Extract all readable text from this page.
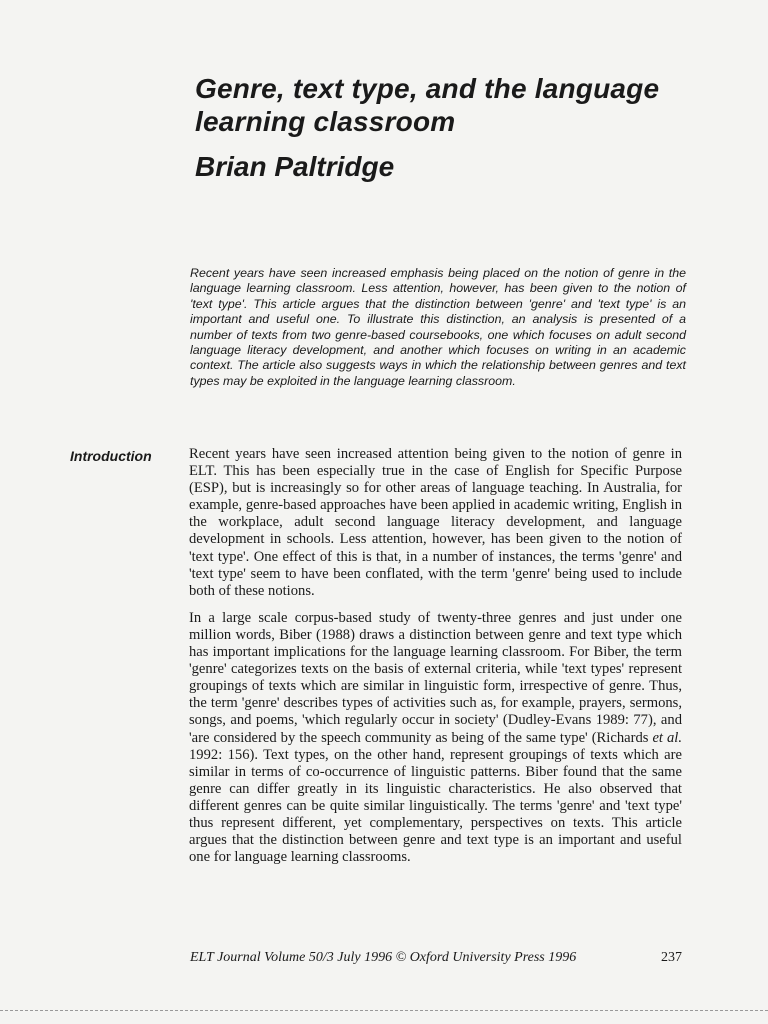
Genre, text type, and the language learning classroom
Brian Paltridge

Recent years have seen increased emphasis being placed on the notion of genre in the language learning classroom. Less attention, however, has been given to the notion of 'text type'. This article argues that the distinction between 'genre' and 'text type' is an important and useful one. To illustrate this distinction, an analysis is presented of a number of texts from two genre-based coursebooks, one which focuses on adult second language literacy development, and another which focuses on writing in an academic context. The article also suggests ways in which the relationship between genres and text types may be exploited in the language learning classroom.

Introduction	Recent years have seen increased attention being given to the notion of genre in ELT. This has been especially true in the case of English for Specific Purpose (ESP), but is increasingly so for other areas of language teaching. In Australia, for example, genre-based approaches have been applied in academic writing, English in the workplace, adult second language literacy development, and language development in schools. Less attention, however, has been given to the notion of 'text type'. One effect of this is that, in a number of instances, the terms 'genre' and 'text type' seem to have been conflated, with the term 'genre' being used to include both of these notions.

In a large scale corpus-based study of twenty-three genres and just under one million words, Biber (1988) draws a distinction between genre and text type which has important implications for the language learning classroom. For Biber, the term 'genre' categorizes texts on the basis of external criteria, while 'text types' represent groupings of texts which are similar in linguistic form, irrespective of genre. Thus, the term 'genre' describes types of activities such as, for example, prayers, sermons, songs, and poems, 'which regularly occur in society' (Dudley-Evans 1989: 77), and 'are considered by the speech community as being of the same type' (Richards et al. 1992: 156). Text types, on the other hand, represent groupings of texts which are similar in terms of co-occurrence of linguistic patterns. Biber found that the same genre can differ greatly in its linguistic characteristics. He also observed that different genres can be quite similar linguistically. The terms 'genre' and 'text type' thus represent different, yet complementary, perspectives on texts. This article argues that the distinction between genre and text type is an important and useful one for language learning classrooms.

ELT Journal Volume 50/3 July 1996 © Oxford University Press 1996	237
